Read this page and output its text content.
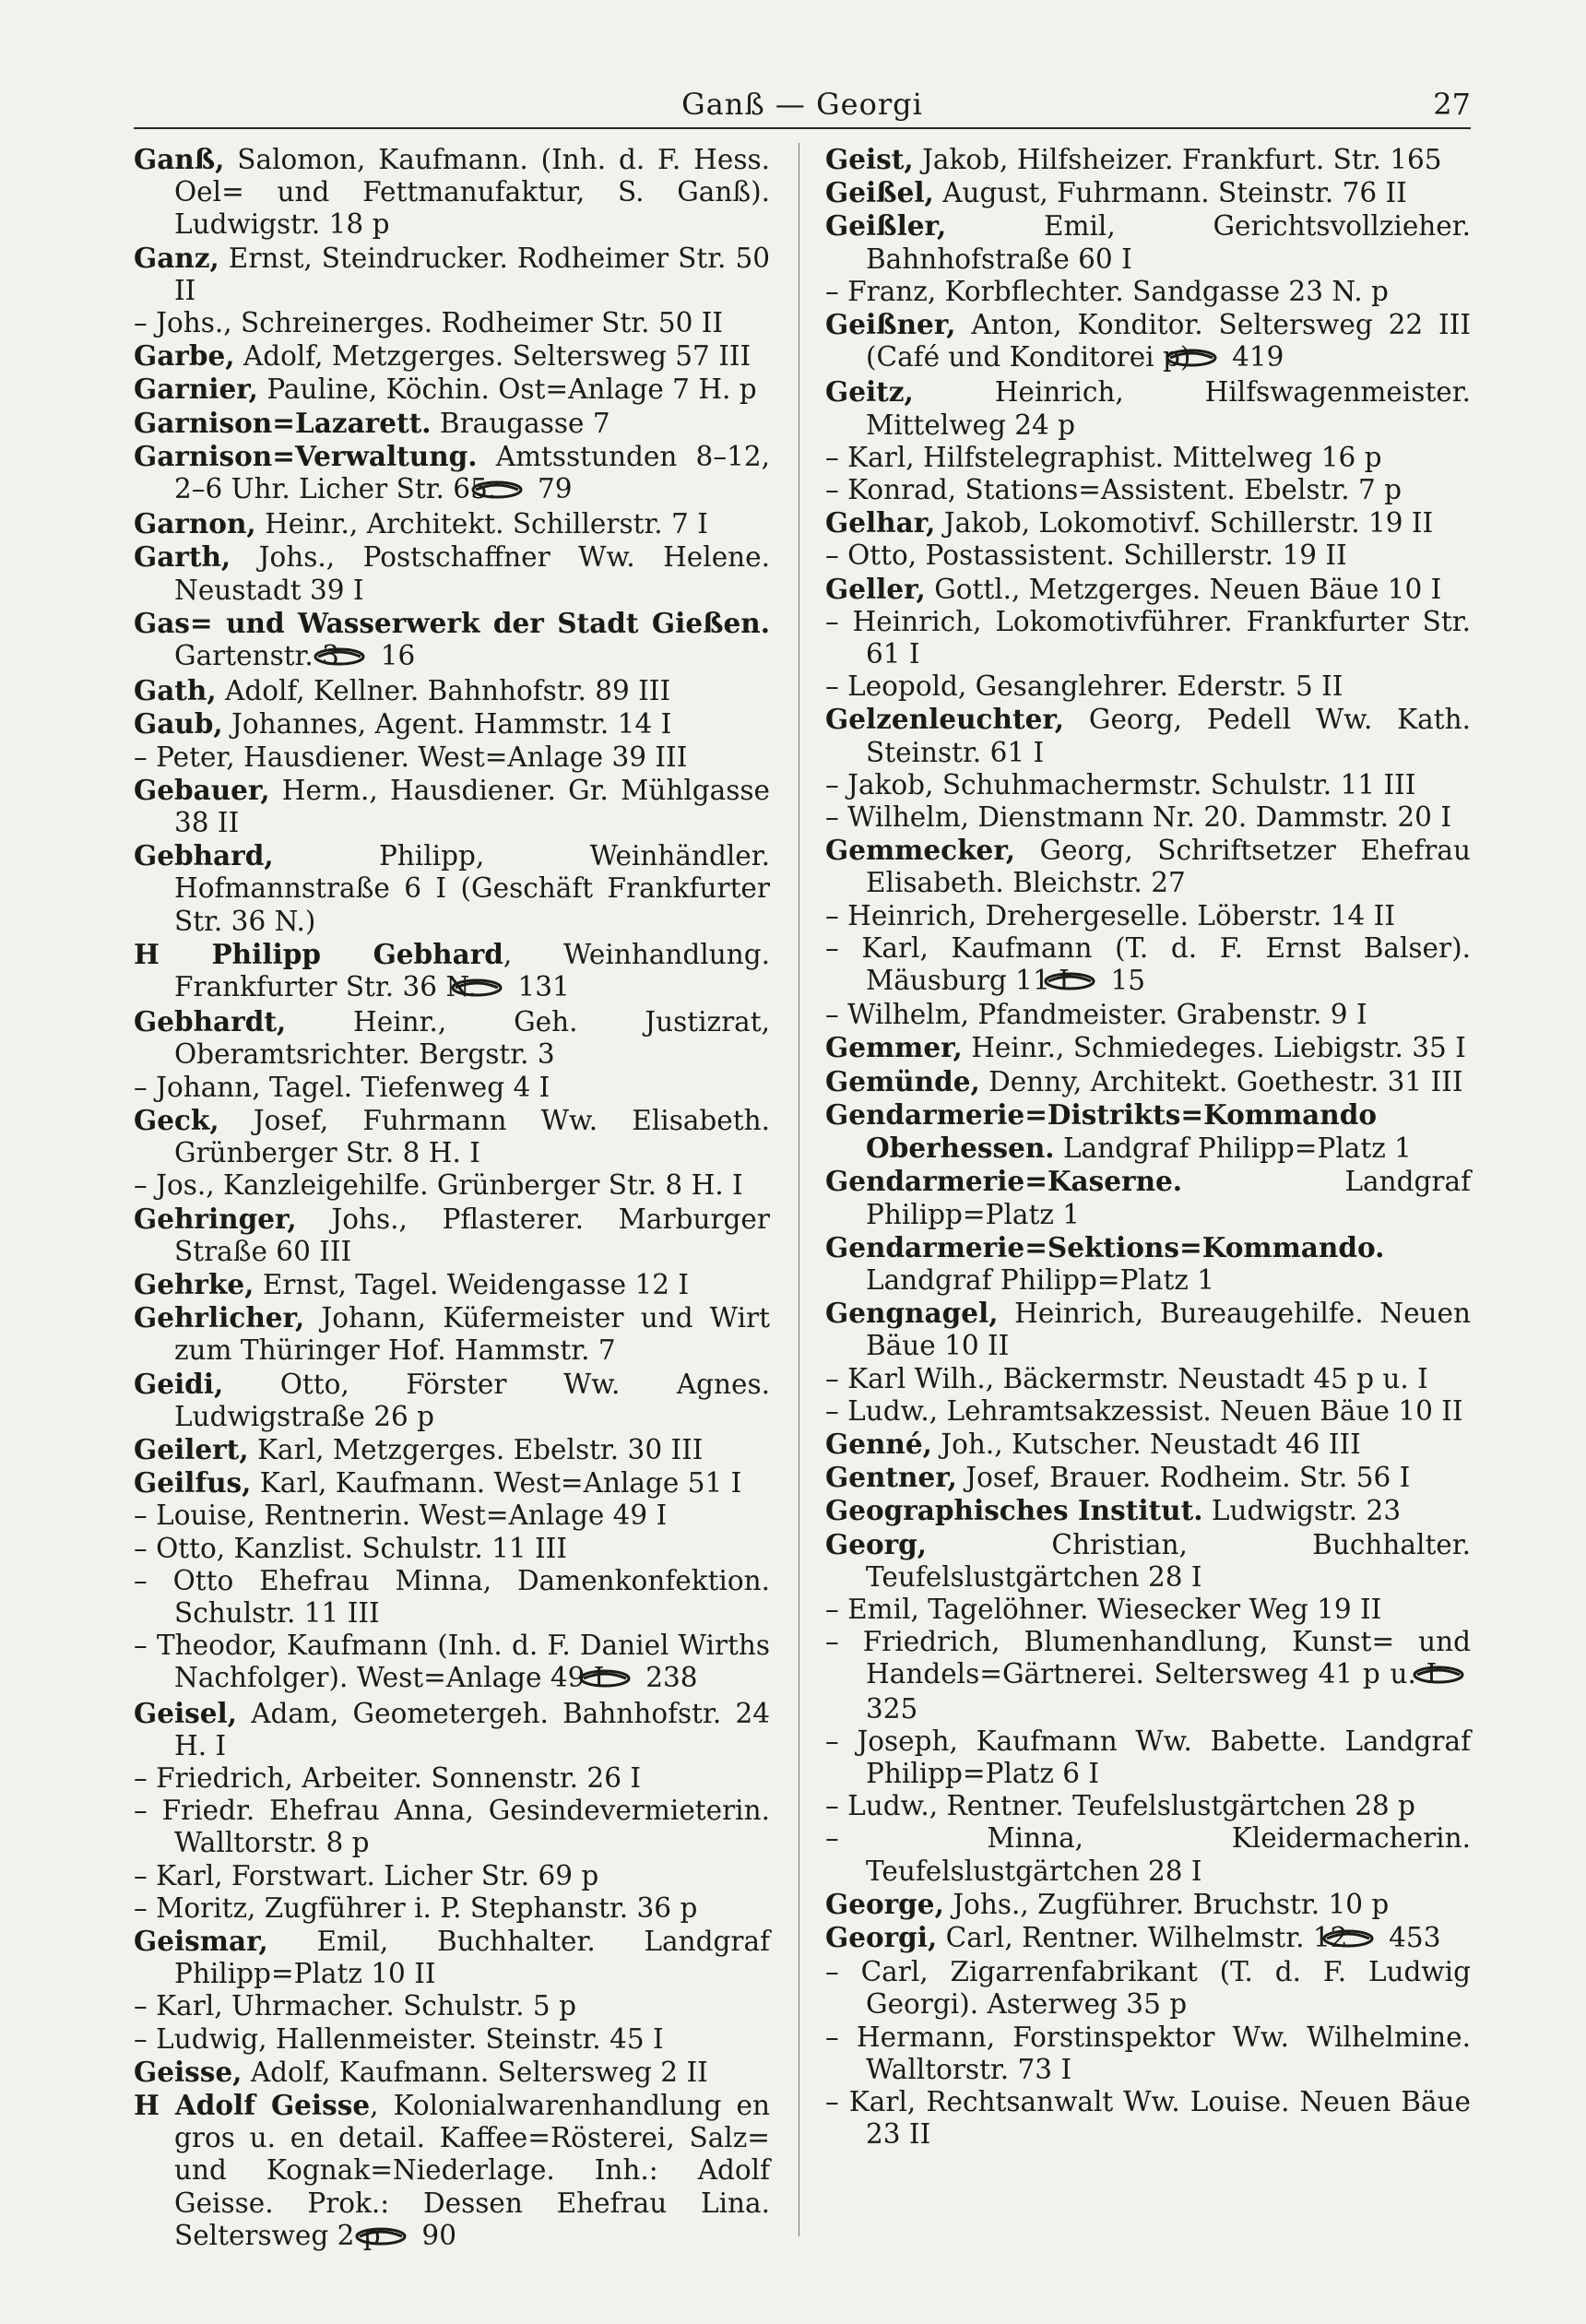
Ganß — Georgi	27

Ganß, Salomon, Kaufmann. (Inh. d. F. Hess. Oel= und Fettmanufaktur, S. Ganß). Ludwigstr. 18 p

Ganz, Ernst, Steindrucker. Rodheimer Str. 50 II

– Johs., Schreinerges. Rodheimer Str. 50 II

Garbe, Adolf, Metzgerges. Seltersweg 57 III

Garnier, Pauline, Köchin. Ost=Anlage 7 H. p

Garnison=Lazarett. Braugasse 7

Garnison=Verwaltung. Amtsstunden 8–12, 2–6 Uhr. Licher Str. 65.  79

Garnon, Heinr., Architekt. Schillerstr. 7 I

Garth, Johs., Postschaffner Ww. Helene. Neustadt 39 I

Gas= und Wasserwerk der Stadt Gießen. Gartenstr. 3  16

Gath, Adolf, Kellner. Bahnhofstr. 89 III

Gaub, Johannes, Agent. Hammstr. 14 I

– Peter, Hausdiener. West=Anlage 39 III

Gebauer, Herm., Hausdiener. Gr. Mühlgasse 38 II

Gebhard, Philipp, Weinhändler. Hofmannstraße 6 I (Geschäft Frankfurter Str. 36 N.)

H Philipp Gebhard, Weinhandlung. Frankfurter Str. 36 N.  131

Gebhardt, Heinr., Geh. Justizrat, Oberamtsrichter. Bergstr. 3

– Johann, Tagel. Tiefenweg 4 I

Geck, Josef, Fuhrmann Ww. Elisabeth. Grünberger Str. 8 H. I

– Jos., Kanzleigehilfe. Grünberger Str. 8 H. I

Gehringer, Johs., Pflasterer. Marburger Straße 60 III

Gehrke, Ernst, Tagel. Weidengasse 12 I

Gehrlicher, Johann, Küfermeister und Wirt zum Thüringer Hof. Hammstr. 7

Geidi, Otto, Förster Ww. Agnes. Ludwigstraße 26 p

Geilert, Karl, Metzgerges. Ebelstr. 30 III

Geilfus, Karl, Kaufmann. West=Anlage 51 I

– Louise, Rentnerin. West=Anlage 49 I

– Otto, Kanzlist. Schulstr. 11 III

– Otto Ehefrau Minna, Damenkonfektion. Schulstr. 11 III

– Theodor, Kaufmann (Inh. d. F. Daniel Wirths Nachfolger). West=Anlage 49 I  238

Geisel, Adam, Geometergeh. Bahnhofstr. 24 H. I

– Friedrich, Arbeiter. Sonnenstr. 26 I

– Friedr. Ehefrau Anna, Gesindevermieterin. Walltorstr. 8 p

– Karl, Forstwart. Licher Str. 69 p

– Moritz, Zugführer i. P. Stephanstr. 36 p

Geismar, Emil, Buchhalter. Landgraf Philipp=Platz 10 II

– Karl, Uhrmacher. Schulstr. 5 p

– Ludwig, Hallenmeister. Steinstr. 45 I

Geisse, Adolf, Kaufmann. Seltersweg 2 II

H Adolf Geisse, Kolonialwarenhandlung en gros u. en detail. Kaffee=Rösterei, Salz= und Kognak=Niederlage. Inh.: Adolf Geisse. Prok.: Dessen Ehefrau Lina. Seltersweg 2 p  90

Geist, Jakob, Hilfsheizer. Frankfurt. Str. 165

Geißel, August, Fuhrmann. Steinstr. 76 II

Geißler, Emil, Gerichtsvollzieher. Bahnhofstraße 60 I

– Franz, Korbflechter. Sandgasse 23 N. p

Geißner, Anton, Konditor. Seltersweg 22 III (Café und Konditorei p)  419

Geitz, Heinrich, Hilfswagenmeister. Mittelweg 24 p

– Karl, Hilfstelegraphist. Mittelweg 16 p

– Konrad, Stations=Assistent. Ebelstr. 7 p

Gelhar, Jakob, Lokomotivf. Schillerstr. 19 II

– Otto, Postassistent. Schillerstr. 19 II

Geller, Gottl., Metzgerges. Neuen Bäue 10 I

– Heinrich, Lokomotivführer. Frankfurter Str. 61 I

– Leopold, Gesanglehrer. Ederstr. 5 II

Gelzenleuchter, Georg, Pedell Ww. Kath. Steinstr. 61 I

– Jakob, Schuhmachermstr. Schulstr. 11 III

– Wilhelm, Dienstmann Nr. 20. Dammstr. 20 I

Gemmecker, Georg, Schriftsetzer Ehefrau Elisabeth. Bleichstr. 27

– Heinrich, Drehergeselle. Löberstr. 14 II

– Karl, Kaufmann (T. d. F. Ernst Balser). Mäusburg 11 I  15

– Wilhelm, Pfandmeister. Grabenstr. 9 I

Gemmer, Heinr., Schmiedeges. Liebigstr. 35 I

Gemünde, Denny, Architekt. Goethestr. 31 III

Gendarmerie=Distrikts=Kommando Oberhessen. Landgraf Philipp=Platz 1

Gendarmerie=Kaserne. Landgraf Philipp=Platz 1

Gendarmerie=Sektions=Kommando. Landgraf Philipp=Platz 1

Gengnagel, Heinrich, Bureaugehilfe. Neuen Bäue 10 II

– Karl Wilh., Bäckermstr. Neustadt 45 p u. I

– Ludw., Lehramtsakzessist. Neuen Bäue 10 II

Genné, Joh., Kutscher. Neustadt 46 III

Gentner, Josef, Brauer. Rodheim. Str. 56 I

Geographisches Institut. Ludwigstr. 23

Georg, Christian, Buchhalter. Teufelslustgärtchen 28 I

– Emil, Tagelöhner. Wiesecker Weg 19 II

– Friedrich, Blumenhandlung, Kunst= und Handels=Gärtnerei. Seltersweg 41 p u. I  325

– Joseph, Kaufmann Ww. Babette. Landgraf Philipp=Platz 6 I

– Ludw., Rentner. Teufelslustgärtchen 28 p

– Minna, Kleidermacherin. Teufelslustgärtchen 28 I

George, Johs., Zugführer. Bruchstr. 10 p

Georgi, Carl, Rentner. Wilhelmstr. 12  453

– Carl, Zigarrenfabrikant (T. d. F. Ludwig Georgi). Asterweg 35 p

– Hermann, Forstinspektor Ww. Wilhelmine. Walltorstr. 73 I

– Karl, Rechtsanwalt Ww. Louise. Neuen Bäue 23 II
